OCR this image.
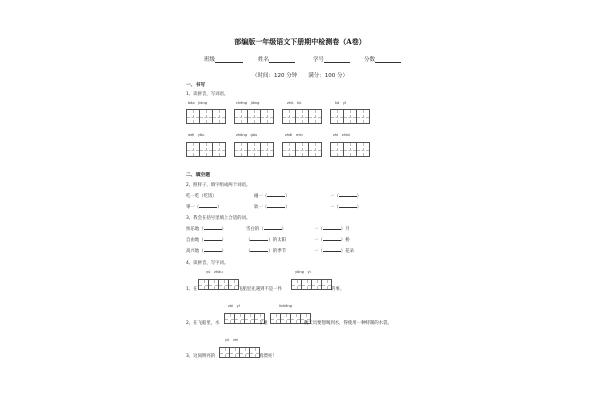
部编版一年级语文下册期中检测卷（A卷）
班级	姓名	学号	分数
（时间：120 分钟　　满分：100 分）
一、书写
1、读拼音，写词语。
bǎo　jiàng	chēng　jiǎng	zhū　kǔ	kǎ　yī
wēi　yǒu	zhōng　gōu	zhāi　mǐn	zhì　zhìnì
二、填空题
2、照样子，填字组成两个词语。
吃一吃（吃饭）	碰一（	）	一（	）
零一（	）	软一（	）	一（	）
3、我会在括号里填上合适的词。
快乐地（	）	雪白的（	）	一（	）月
自由地（	）	（	）的太阳	一（	）桥
高兴地（	）	（	）的季节	一（	）花朵
4、读拼音，写字词。
yú　zhòu	yǒng　yì
1、在	飞船里先遇到不是一件	的事。
zài　yǐ	lìzhǒng
2、在飞船里，水	了重	航天员要想喝到水，得使用一种特制的水袋。
yǔ　zhì
3、这间明亮的	真漂亮！
